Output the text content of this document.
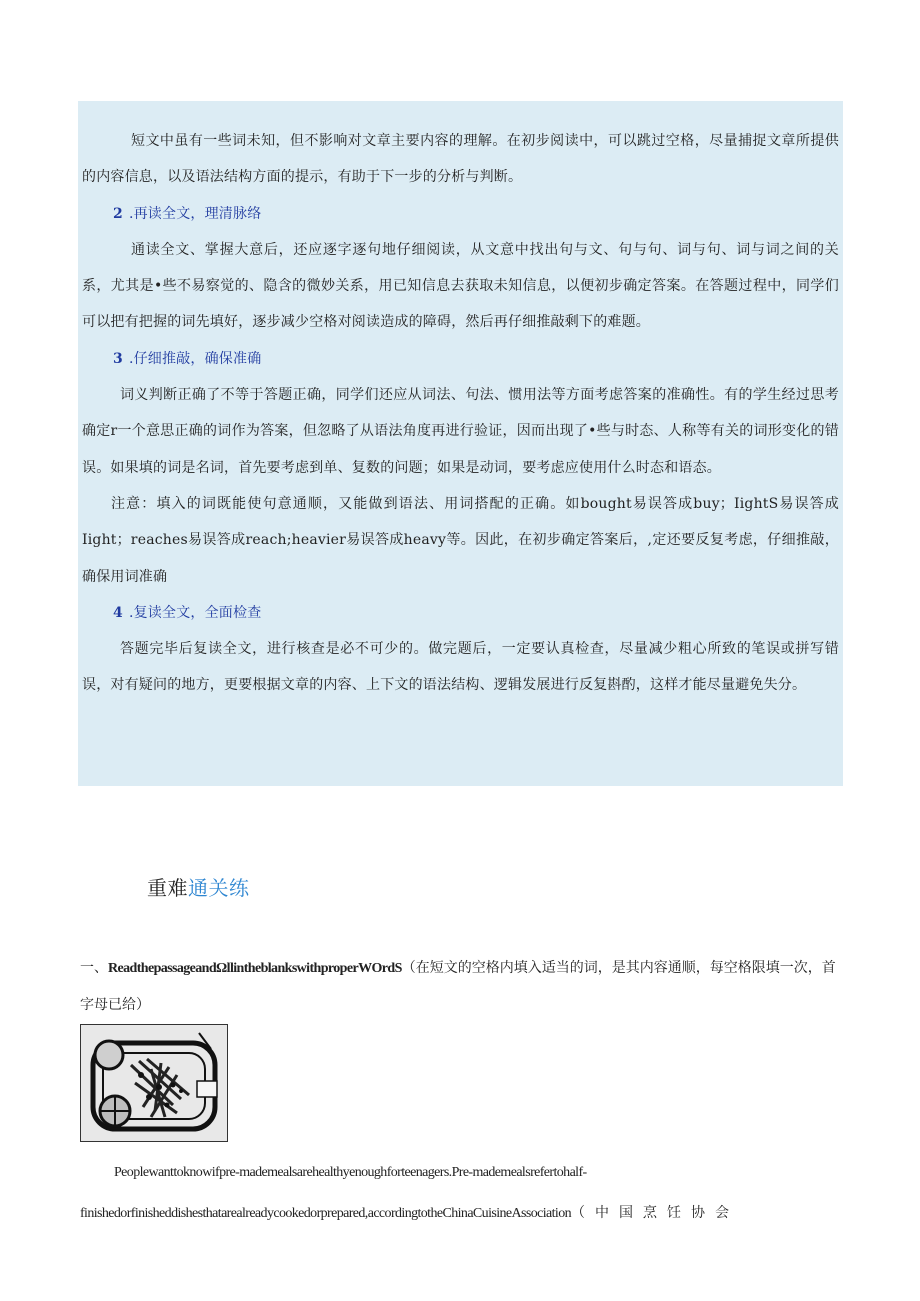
短文中虽有一些词未知，但不影响对文章主要内容的理解。在初步阅读中，可以跳过空格，尽量捕捉文章所提供的内容信息，以及语法结构方面的提示，有助于下一步的分析与判断。

2 .再读全文，理清脉络

通读全文、掌握大意后，还应逐字逐句地仔细阅读，从文意中找出句与文、句与句、词与句、词与词之间的关系，尤其是•些不易察觉的、隐含的微妙关系，用已知信息去获取未知信息，以便初步确定答案。在答题过程中，同学们可以把有把握的词先填好，逐步减少空格对阅读造成的障碍，然后再仔细推敲剩下的难题。

3 .仔细推敲，确保准确

词义判断正确了不等于答题正确，同学们还应从词法、句法、惯用法等方面考虑答案的准确性。有的学生经过思考确定r一个意思正确的词作为答案，但忽略了从语法角度再进行验证，因而出现了•些与时态、人称等有关的词形变化的错误。如果填的词是名词，首先要考虑到单、复数的问题；如果是动词，要考虑应使用什么时态和语态。

注意：填入的词既能使句意通顺，又能做到语法、用词搭配的正确。如bought易误答成buy；IightS易误答成Iight；reaches易误答成reach;heavier易误答成heavy等。因此，在初步确定答案后，,定还要反复考虑，仔细推敲，确保用词准确

4 .复读全文，全面检查

答题完毕后复读全文，进行核查是必不可少的。做完题后，一定要认真检查，尽量减少粗心所致的笔误或拼写错误，对有疑问的地方，更要根据文章的内容、上下文的语法结构、逻辑发展进行反复斟酌，这样才能尽量避免失分。

重难通关练

一、ReadthepassageandΩllintheblankswithproperWOrdS（在短文的空格内填入适当的词，是其内容通顺，每空格限填一次，首字母已给）

Peoplewanttoknowifpre-mademealsarehealthyenoughforteenagers.Pre-mademealsrefertohalf-

finishedorfinisheddishesthatarealreadycookedorprepared,accordingtotheChinaCuisineAssociation（中国烹饪协会
